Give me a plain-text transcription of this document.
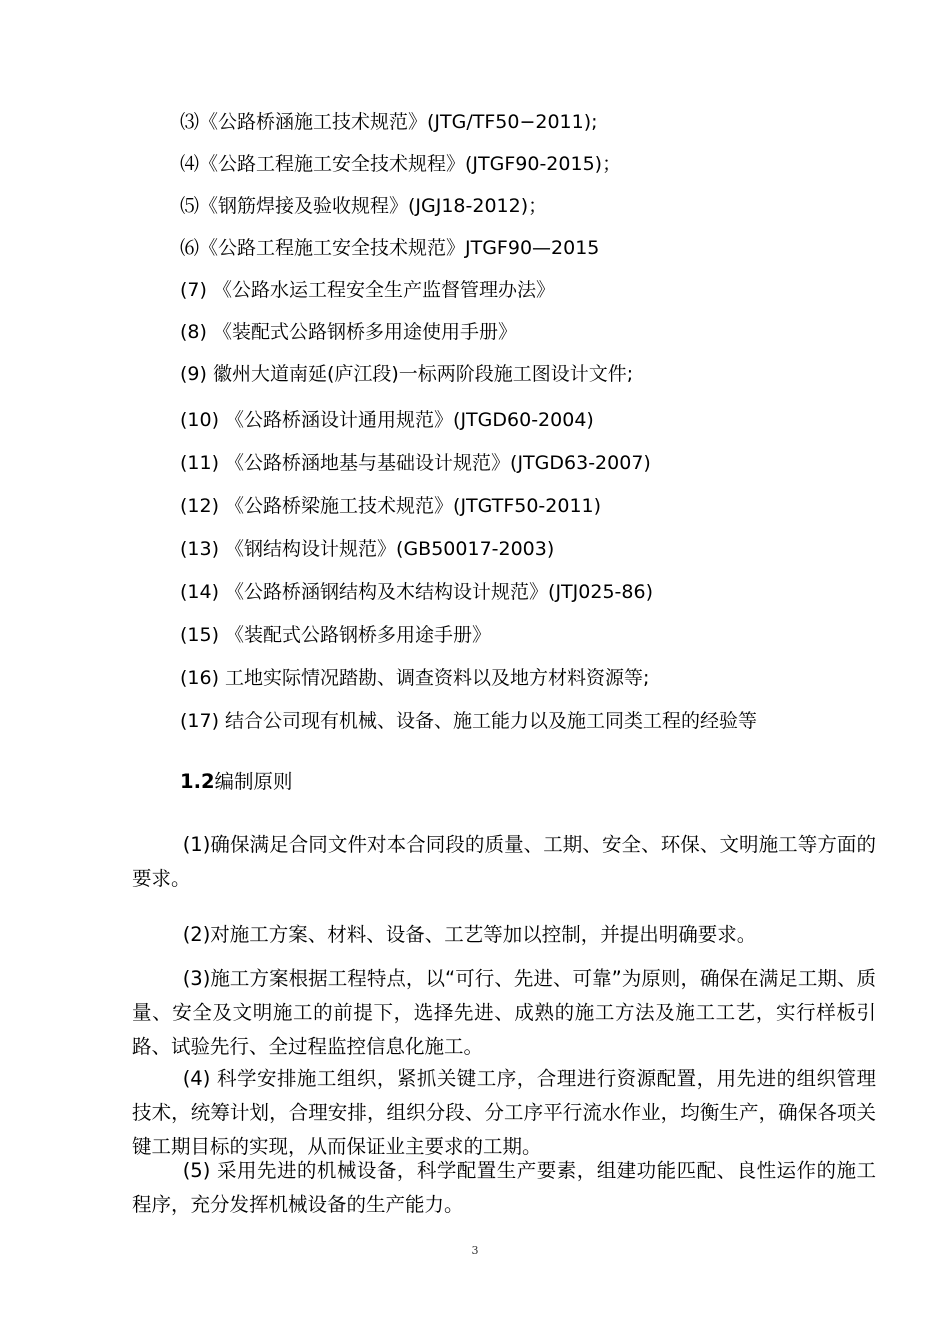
⑶《公路桥涵施工技术规范》(JTG/TF50−2011);
⑷《公路工程施工安全技术规程》(JTGF90-2015)；
⑸《钢筋焊接及验收规程》(JGJ18-2012)；
⑹《公路工程施工安全技术规范》JTGF90—2015
(7) 《公路水运工程安全生产监督管理办法》
(8) 《装配式公路钢桥多用途使用手册》
(9) 徽州大道南延(庐江段)一标两阶段施工图设计文件;
(10) 《公路桥涵设计通用规范》(JTGD60-2004)
(11) 《公路桥涵地基与基础设计规范》(JTGD63-2007)
(12) 《公路桥梁施工技术规范》(JTGTF50-2011)
(13) 《钢结构设计规范》(GB50017-2003)
(14) 《公路桥涵钢结构及木结构设计规范》(JTJ025-86)
(15) 《装配式公路钢桥多用途手册》
(16) 工地实际情况踏勘、调查资料以及地方材料资源等;
(17) 结合公司现有机械、设备、施工能力以及施工同类工程的经验等
1.2编制原则
(1)确保满足合同文件对本合同段的质量、工期、安全、环保、文明施工等方面的要求。
(2)对施工方案、材料、设备、工艺等加以控制，并提出明确要求。
(3)施工方案根据工程特点，以“可行、先进、可靠”为原则，确保在满足工期、质量、安全及文明施工的前提下，选择先进、成熟的施工方法及施工工艺，实行样板引路、试验先行、全过程监控信息化施工。
(4) 科学安排施工组织，紧抓关键工序，合理进行资源配置，用先进的组织管理技术，统筹计划，合理安排，组织分段、分工序平行流水作业，均衡生产，确保各项关键工期目标的实现，从而保证业主要求的工期。
(5) 采用先进的机械设备，科学配置生产要素，组建功能匹配、良性运作的施工程序，充分发挥机械设备的生产能力。
3
